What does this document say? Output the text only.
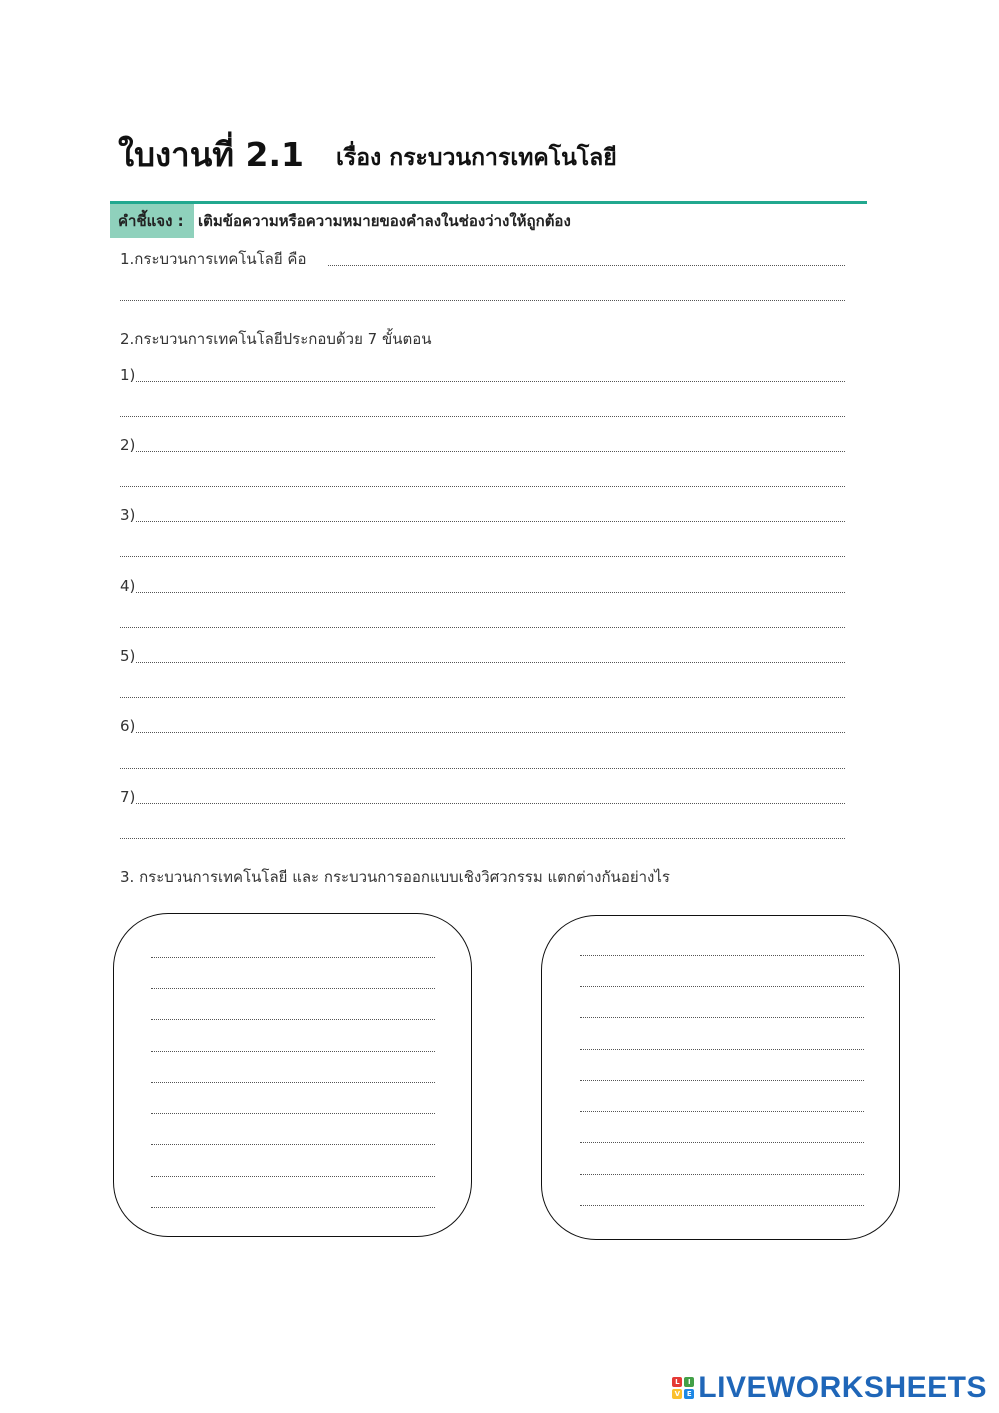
ใบงานที่ 2.1 เรื่อง กระบวนการเทคโนโลยี
คำชี้แจง : เติมข้อความหรือความหมายของคำลงในช่องว่างให้ถูกต้อง
1.กระบวนการเทคโนโลยี คือ
2.กระบวนการเทคโนโลยีประกอบด้วย 7 ขั้นตอน
1)
2)
3)
4)
5)
6)
7)
3. กระบวนการเทคโนโลยี และ กระบวนการออกแบบเชิงวิศวกรรม แตกต่างกันอย่างไร
L	I
V E LIVEWORKSHEETS
